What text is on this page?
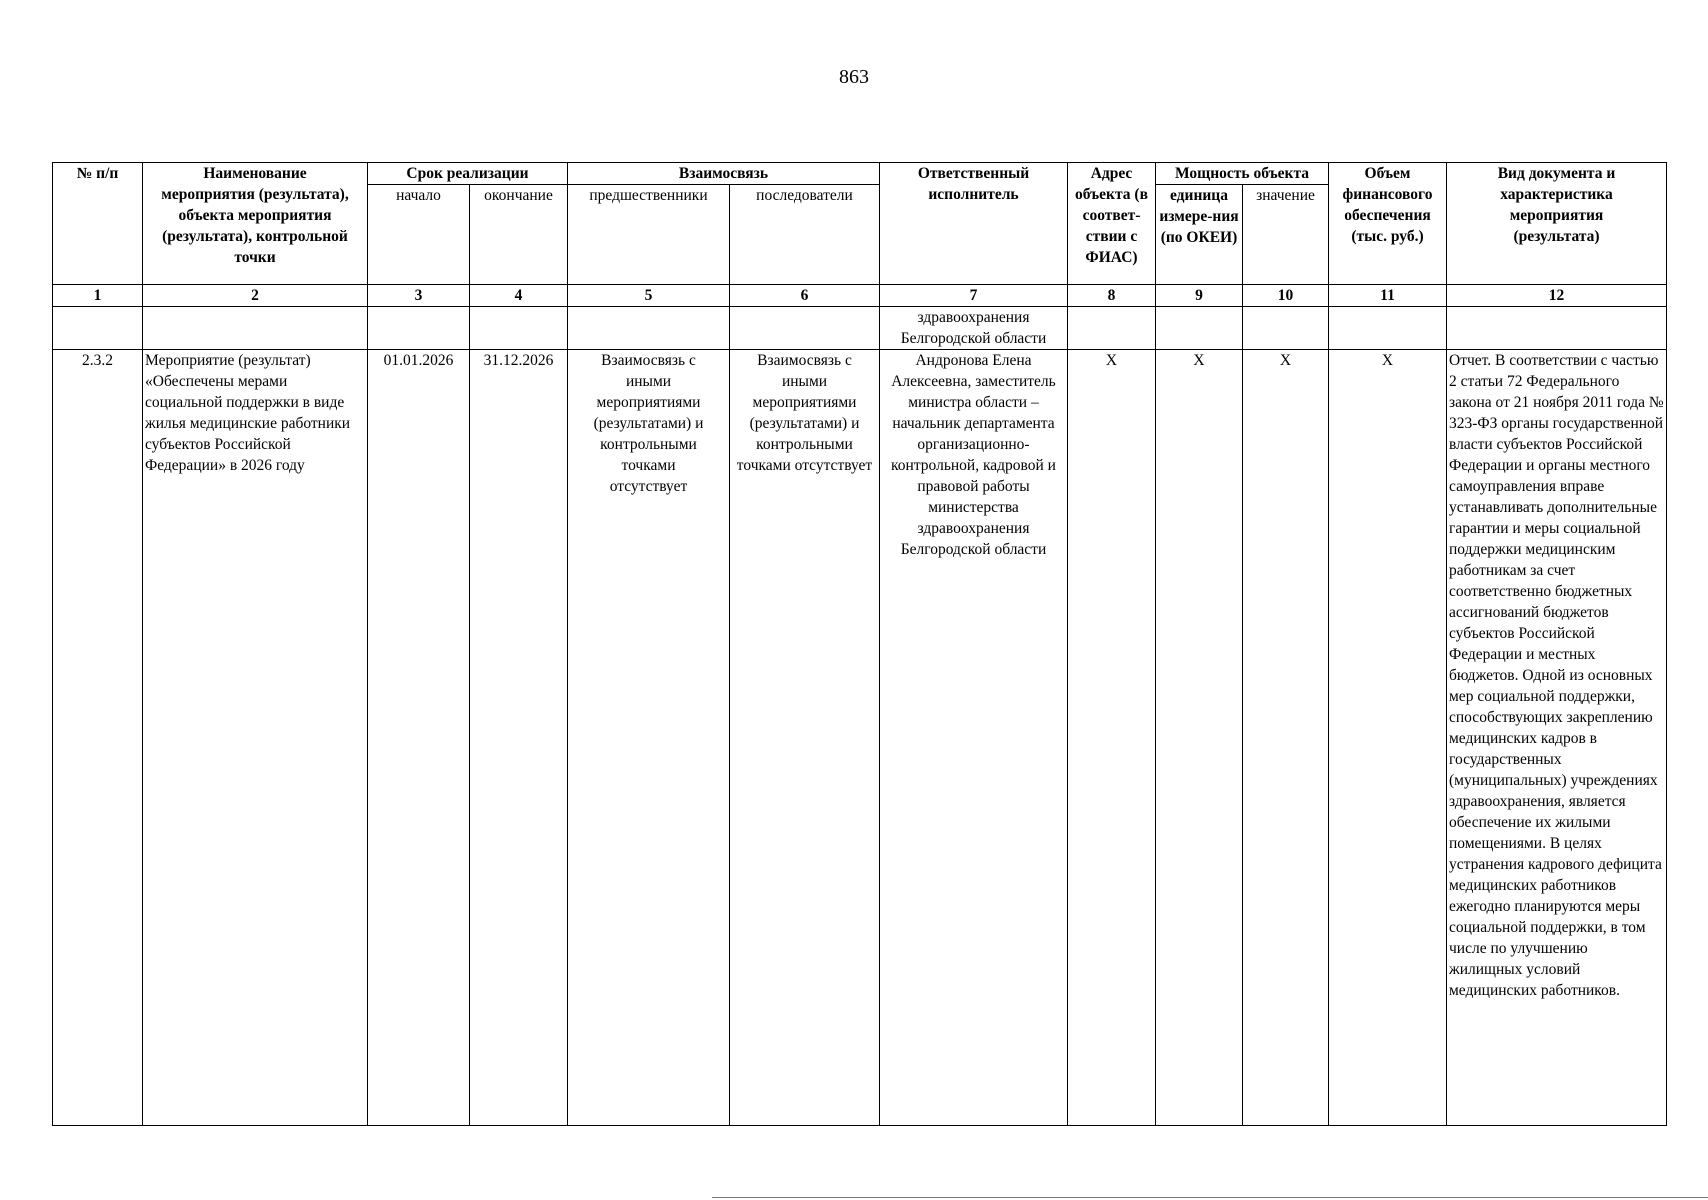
863
№ п/п	Наименование мероприятия (результата), объекта мероприятия (результата), контрольной точки	Срок реализации		Взаимосвязь		Ответственный исполнитель	Адрес объекта (в соответ-ствии с ФИАС)	Мощность объекта		Объем финансового обеспечения (тыс. руб.)	Вид документа и характеристика мероприятия (результата)
		начало	окончание	предшественники	последователи			единица измере-ния (по ОКЕИ)	значение		
1	2	3	4	5	6	7	8	9	10	11	12
						здравоохранения Белгородской области					
2.3.2	Мероприятие (результат) «Обеспечены мерами социальной поддержки в виде жилья медицинские работники субъектов Российской Федерации» в 2026 году	01.01.2026	31.12.2026	Взаимосвязь с иными мероприятиями (результатами) и контрольными точками отсутствует	Взаимосвязь с иными мероприятиями (результатами) и контрольными точками отсутствует	Андронова Елена Алексеевна, заместитель министра области – начальник департамента организационно-контрольной, кадровой и правовой работы министерства здравоохранения Белгородской области	X	X	X	X	Отчет. В соответствии с частью 2 статьи 72 Федерального закона от 21 ноября 2011 года № 323-ФЗ органы государственной власти субъектов Российской Федерации и органы местного самоуправления вправе устанавливать дополнительные гарантии и меры социальной поддержки медицинским работникам за счет соответственно бюджетных ассигнований бюджетов субъектов Российской Федерации и местных бюджетов. Одной из основных мер социальной поддержки, способствующих закреплению медицинских кадров в государственных (муниципальных) учреждениях здравоохранения, является обеспечение их жилыми помещениями. В целях устранения кадрового дефицита медицинских работников ежегодно планируются меры социальной поддержки, в том числе по улучшению жилищных условий медицинских работников.
